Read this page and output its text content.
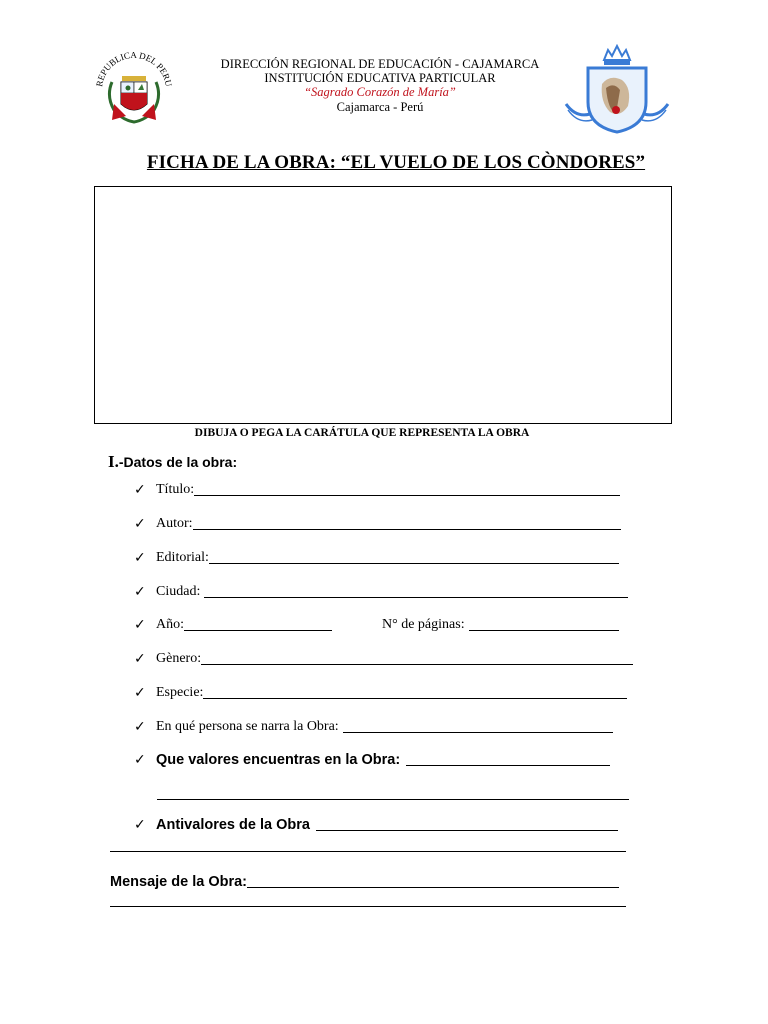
REPUBLICA DEL PERU
DIRECCIÓN REGIONAL DE EDUCACIÓN - CAJAMARCA
INSTITUCIÓN EDUCATIVA PARTICULAR
“Sagrado Corazón de María”
Cajamarca - Perú
FICHA DE LA OBRA: “EL VUELO DE LOS CÒNDORES”
DIBUJA O PEGA LA CARÁTULA QUE REPRESENTA LA OBRA
I.-Datos de la obra:
✓ Título:
✓ Autor:
✓ Editorial:
✓ Ciudad:
✓ Año:	N° de páginas:
✓ Gènero:
✓ Especie:
✓ En qué persona se narra la Obra:
✓ Que valores encuentras en la Obra:
✓ Antivalores de la Obra
Mensaje de la Obra:
